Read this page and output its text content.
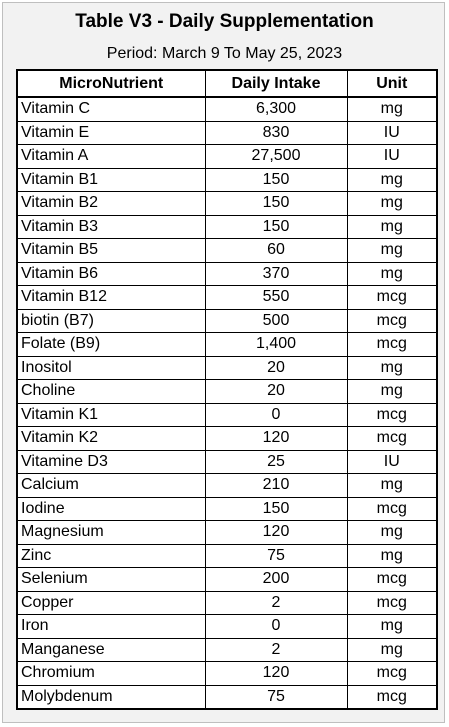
Table V3 - Daily Supplementation
Period: March 9 To May 25, 2023
MicroNutrient	Daily Intake	Unit
Vitamin C	6,300	mg
Vitamin E	830	IU
Vitamin A	27,500	IU
Vitamin B1	150	mg
Vitamin B2	150	mg
Vitamin B3	150	mg
Vitamin B5	60	mg
Vitamin B6	370	mg
Vitamin B12	550	mcg
biotin (B7)	500	mcg
Folate (B9)	1,400	mcg
Inositol	20	mg
Choline	20	mg
Vitamin K1	0	mcg
Vitamin K2	120	mcg
Vitamine D3	25	IU
Calcium	210	mg
Iodine	150	mcg
Magnesium	120	mg
Zinc	75	mg
Selenium	200	mcg
Copper	2	mcg
Iron	0	mg
Manganese	2	mg
Chromium	120	mcg
Molybdenum	75	mcg
